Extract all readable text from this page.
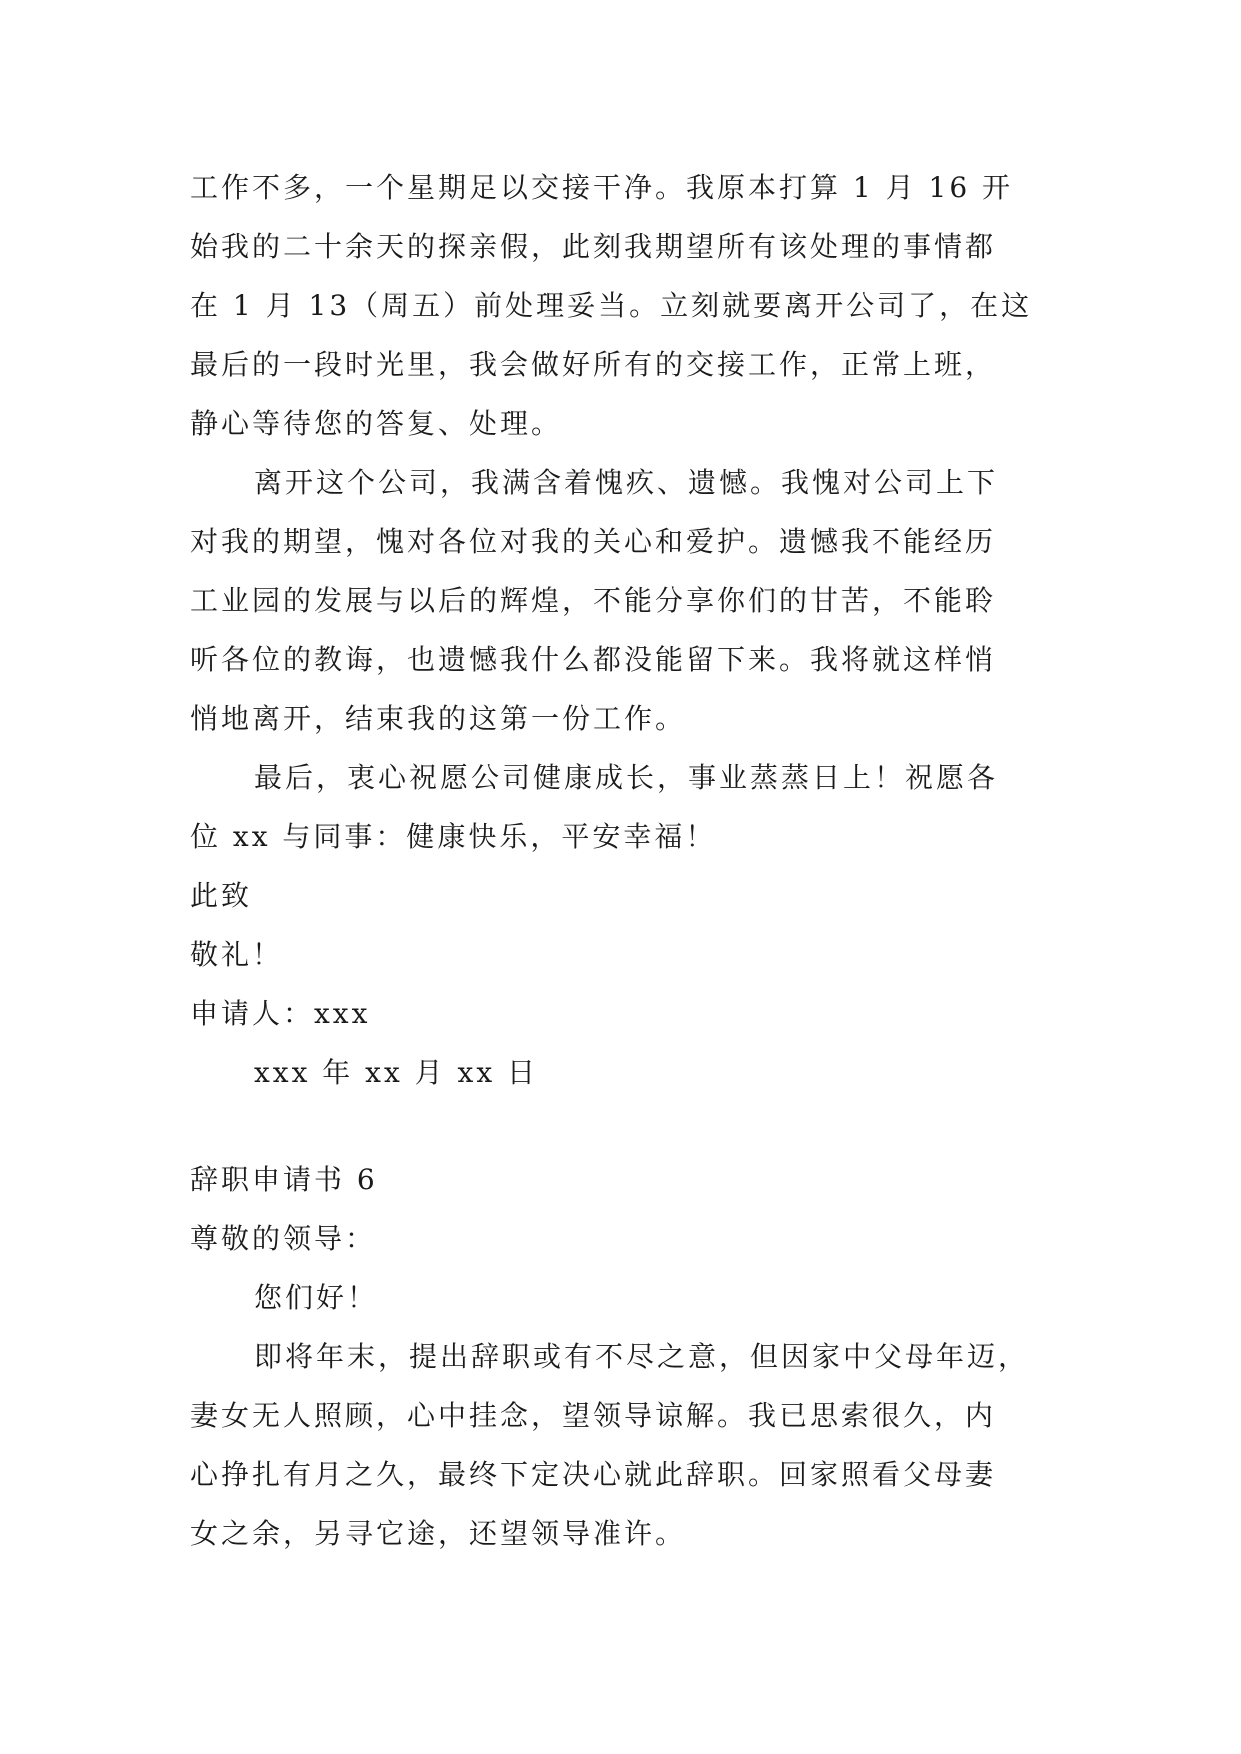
工作不多，一个星期足以交接干净。我原本打算 1 月 16 开
始我的二十余天的探亲假，此刻我期望所有该处理的事情都
在 1 月 13（周五）前处理妥当。立刻就要离开公司了，在这
最后的一段时光里，我会做好所有的交接工作，正常上班，
静心等待您的答复、处理。
离开这个公司，我满含着愧疚、遗憾。我愧对公司上下
对我的期望，愧对各位对我的关心和爱护。遗憾我不能经历
工业园的发展与以后的辉煌，不能分享你们的甘苦，不能聆
听各位的教诲，也遗憾我什么都没能留下来。我将就这样悄
悄地离开，结束我的这第一份工作。
最后，衷心祝愿公司健康成长，事业蒸蒸日上！祝愿各
位 xx 与同事：健康快乐，平安幸福！
此致
敬礼！
申请人：xxx
xxx 年 xx 月 xx 日
辞职申请书 6
尊敬的领导：
您们好！
即将年末，提出辞职或有不尽之意，但因家中父母年迈，
妻女无人照顾，心中挂念，望领导谅解。我已思索很久，内
心挣扎有月之久，最终下定决心就此辞职。回家照看父母妻
女之余，另寻它途，还望领导准许。
